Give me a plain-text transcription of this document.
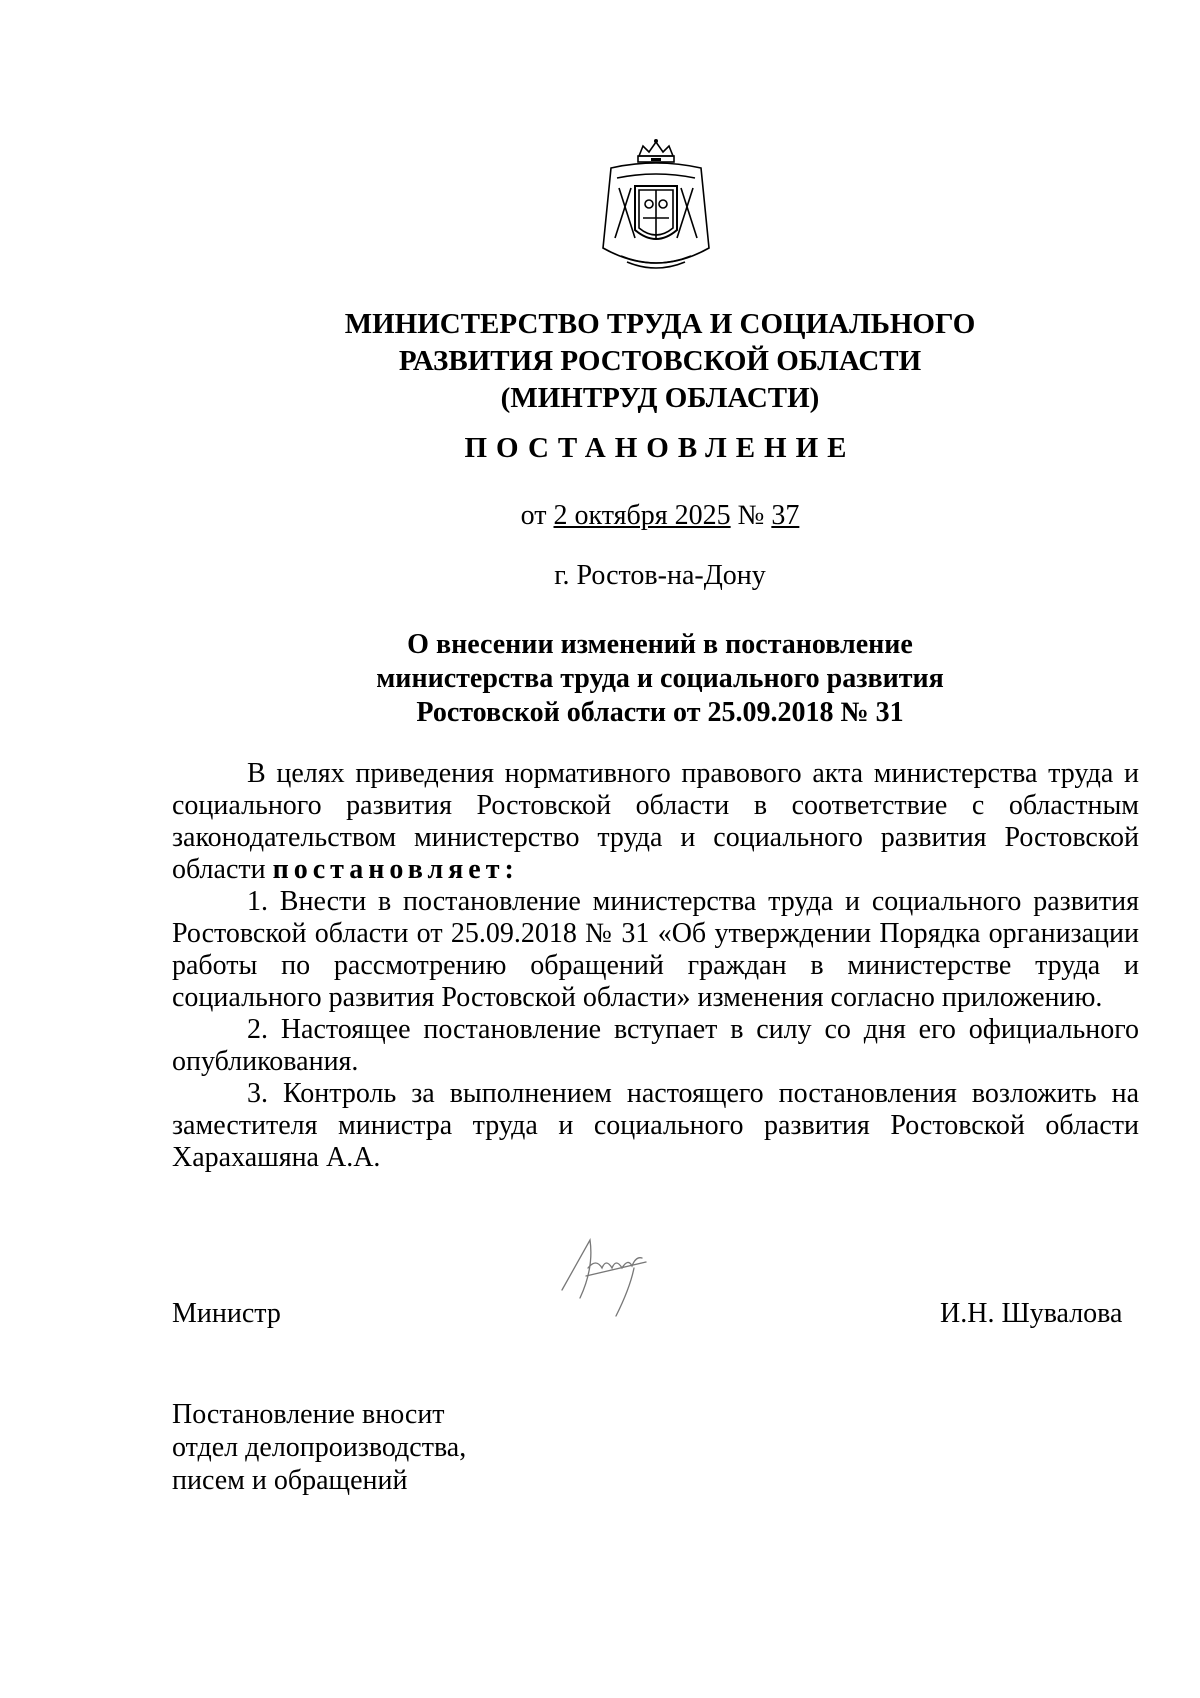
МИНИСТЕРСТВО ТРУДА И СОЦИАЛЬНОГО
РАЗВИТИЯ РОСТОВСКОЙ ОБЛАСТИ
(МИНТРУД ОБЛАСТИ)
ПОСТАНОВЛЕНИЕ
от 2 октября 2025 № 37
г. Ростов-на-Дону
О внесении изменений в постановление
министерства труда и социального развития
Ростовской области от 25.09.2018 № 31

В целях приведения нормативного правового акта министерства труда и социального развития Ростовской области в соответствие с областным законодательством министерство труда и социального развития Ростовской области постановляет:

1. Внести в постановление министерства труда и социального развития Ростовской области от 25.09.2018 № 31 «Об утверждении Порядка организации работы по рассмотрению обращений граждан в министерстве труда и социального развития Ростовской области» изменения согласно приложению.

2. Настоящее постановление вступает в силу со дня его официального опубликования.

3. Контроль за выполнением настоящего постановления возложить на заместителя министра труда и социального развития Ростовской области Харахашяна А.А.

Министр	И.Н. Шувалова
Постановление вносит
отдел делопроизводства,
писем и обращений
